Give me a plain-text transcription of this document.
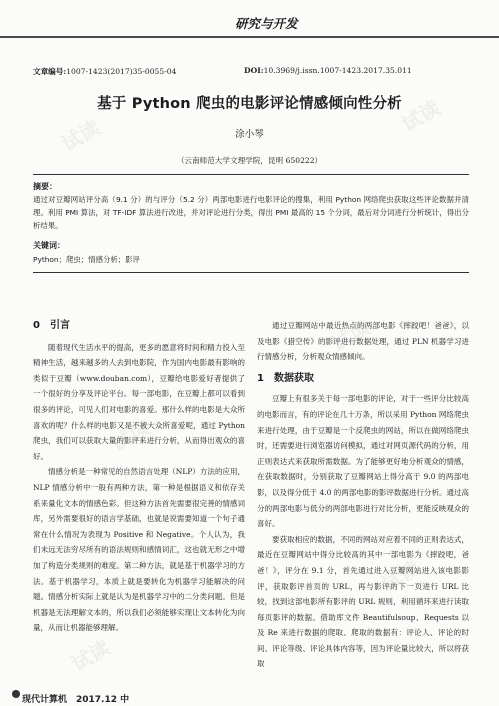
研究与开发
文章编号:1007-1423(2017)35-0055-04	DOI:10.3969/j.issn.1007-1423.2017.35.011
基于 Python 爬虫的电影评论情感倾向性分析
涂小琴
（云南师范大学文理学院，昆明 650222）
摘要：
通过对豆瓣网站评分高（9.1 分）的与评分（5.2 分）两部电影进行电影评论的搜集，利用 Python 网络爬虫获取这些评论数据并清理。利用 PMI 算法，对 TF-IDF 算法进行改进，并对评论进行分类，得出 PMI 最高的 15 个分词，最后对分词进行分析统计，得出分析结果。
关键词：
Python；爬虫；情感分析；影评
0　引言

随着现代生活水平的提高，更多的愿意将时间和精力投入至精神生活，越来越多的人去到电影院，作为国内电影最有影响的类似于豆瓣（www.douban.com），豆瓣给电影爱好者提供了一个很好的分享及评论平台。每一部电影，在豆瓣上都可以看到很多的评论，可见人们对电影的喜爱。那什么样的电影是大众所喜欢的呢？什么样的电影又是不被大众所喜爱呢，通过 Python 爬虫，我们可以获取大量的影评来进行分析，从而得出观众的喜好。

情感分析是一种常见的自然语言处理（NLP）方法的应用，NLP 情感分析中一般有两种方法，第一种是根据语义和依存关系来量化文本的情感色彩。但这种方法首先需要很完善的情感词库，另外需要很好的语言学基础，也就是说需要知道一个句子通常在什么情况为表现为 Positive 和 Negative。个人认为，我们未远无法穷尽所有的语法规则和感情词汇，这也就无形之中增加了构造分类规则的难度。第二种方法，就是基于机器学习的方法。基于机器学习，本质上就是要转化为机器学习能解决的问题。情感分析实际上就是认为是机器学习中的二分类问题。但是机器是无法理解文本的，所以我们必须能够实现让文本转化为向量，从而让机器能够理解。

通过豆瓣网站中最近热点的两部电影《摔跤吧！爸爸》，以及电影《猎空传》的影评进行数据处理，通过 PLN 机器学习进行情感分析，分析观众情感倾向。

1　数据获取

豆瓣上有很多关于每一部电影的评论，对于一些评分比较高的电影而言，有的评论在几十万条，所以采用 Python 网络爬虫来进行处理，由于豆瓣是一个反爬虫的网站，所以在做网络爬虫时，还需要进行浏览器访问模拟，通过对网页源代码的分析，用正则表达式来获取所需数据。为了能够更好地分析观众的情感，在获取数据时，分别获取了豆瓣网站上得分高于 9.0 的两部电影，以及得分低于 4.0 的两部电影的影评数据进行分析。通过高分的两部电影与低分的两部电影进行对比分析，更能反映观众的喜好。

要获取相应的数据，不同的网站对应着不同的正则表达式，最近在豆瓣网站中得分比较高的其中一部电影为《摔跤吧，爸爸！》，评分在 9.1 分，首先通过进入豆瓣网站进入该电影影评，获取影评首页的 URL，再与影评的下一页进行 URL 比较，找到这部电影所有影评的 URL 规则，利用循环来进行读取每页影评的数据。借助库文件 Beautifulsoup、Requests 以及 Re 来进行数据的爬取、爬取的数据有：评论人、评论的时间、评论等级、评论具体内容等，因为评论量比较大，所以将获取

现代计算机　2017.12 中
试读	试读
试读
试读
试读
试读
